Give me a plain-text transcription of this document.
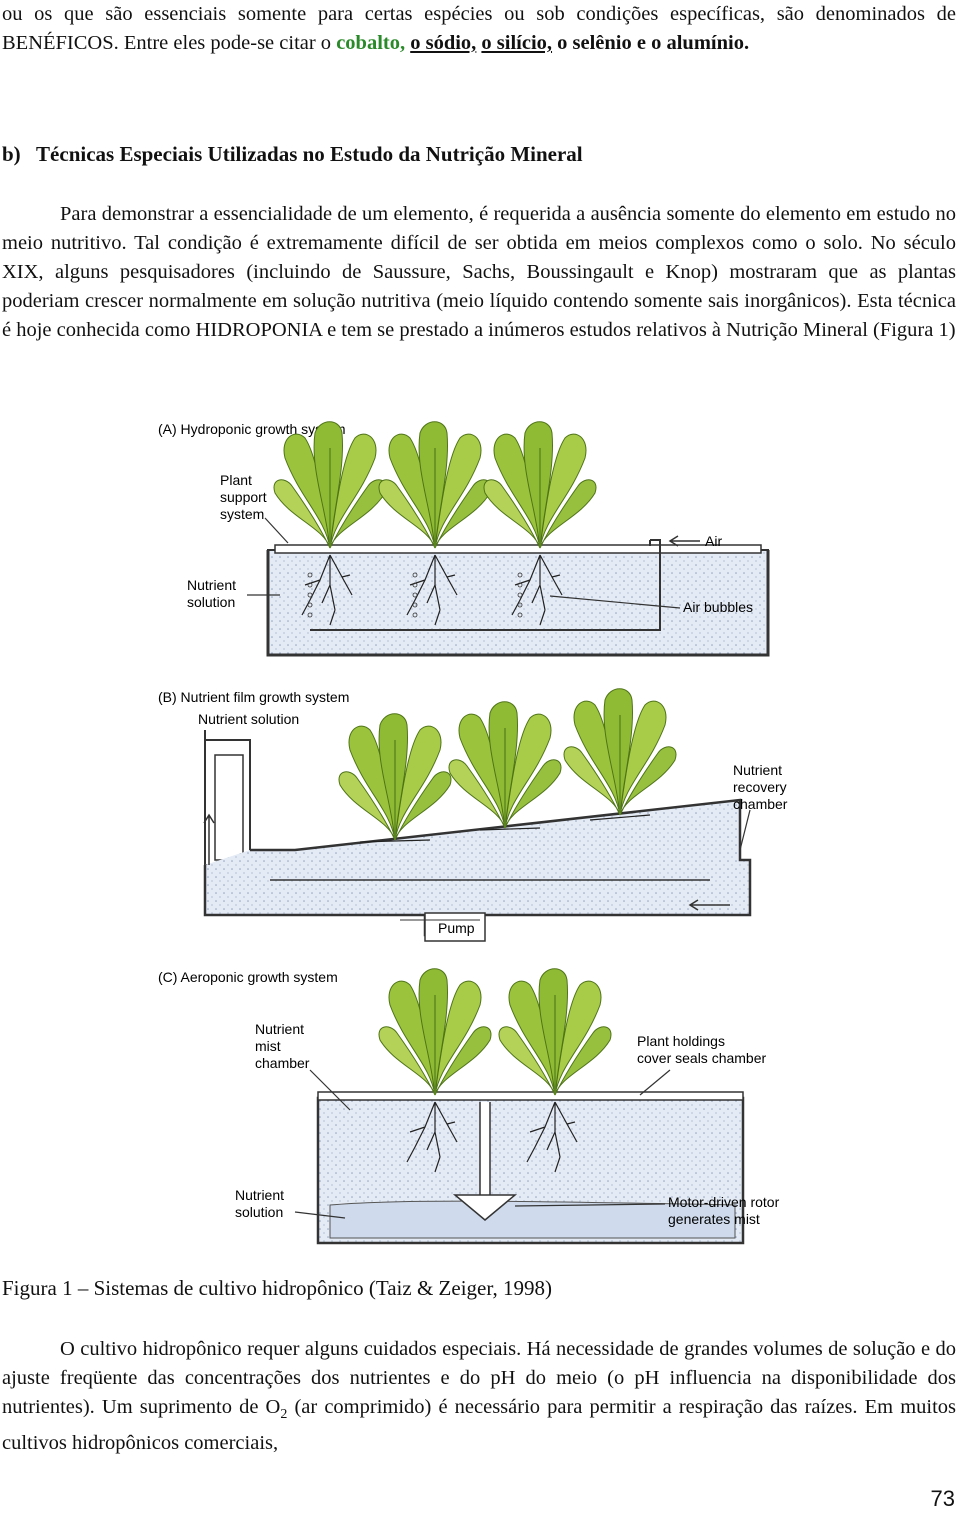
ou os que são essenciais somente para certas espécies ou sob condições específicas, são denominados de BENÉFICOS. Entre eles pode-se citar o cobalto, o sódio, o silício, o selênio e o alumínio.

b)   Técnicas Especiais Utilizadas no Estudo da Nutrição Mineral

Para demonstrar a essencialidade de um elemento, é requerida a ausência somente do elemento em estudo no meio nutritivo. Tal condição é extremamente difícil de ser obtida em meios complexos como o solo. No século XIX, alguns pesquisadores (incluindo de Saussure, Sachs, Boussingault e Knop) mostraram que as plantas poderiam crescer normalmente em solução nutritiva (meio líquido contendo somente sais inorgânicos). Esta técnica é hoje conhecida como HIDROPONIA e tem se prestado a inúmeros estudos relativos à Nutrição Mineral (Figura 1)

(A) Hydroponic growth system
Plant support system
Air
Nutrient solution	Air bubbles
(B) Nutrient film growth system
Nutrient solution
Pump
Nutrient recovery chamber
(C) Aeroponic growth system
Nutrient mist chamber
Plant holdings cover seals chamber
Nutrient solution
Motor-driven rotor generates mist

Figura 1 – Sistemas de cultivo hidropônico (Taiz & Zeiger, 1998)

O cultivo hidropônico requer alguns cuidados especiais. Há necessidade de grandes volumes de solução e do ajuste freqüente das concentrações dos nutrientes e do pH do meio (o pH influencia na disponibilidade dos nutrientes). Um suprimento de $O_2$ (ar comprimido) é necessário para permitir a respiração das raízes. Em muitos cultivos hidropônicos comerciais,

73
